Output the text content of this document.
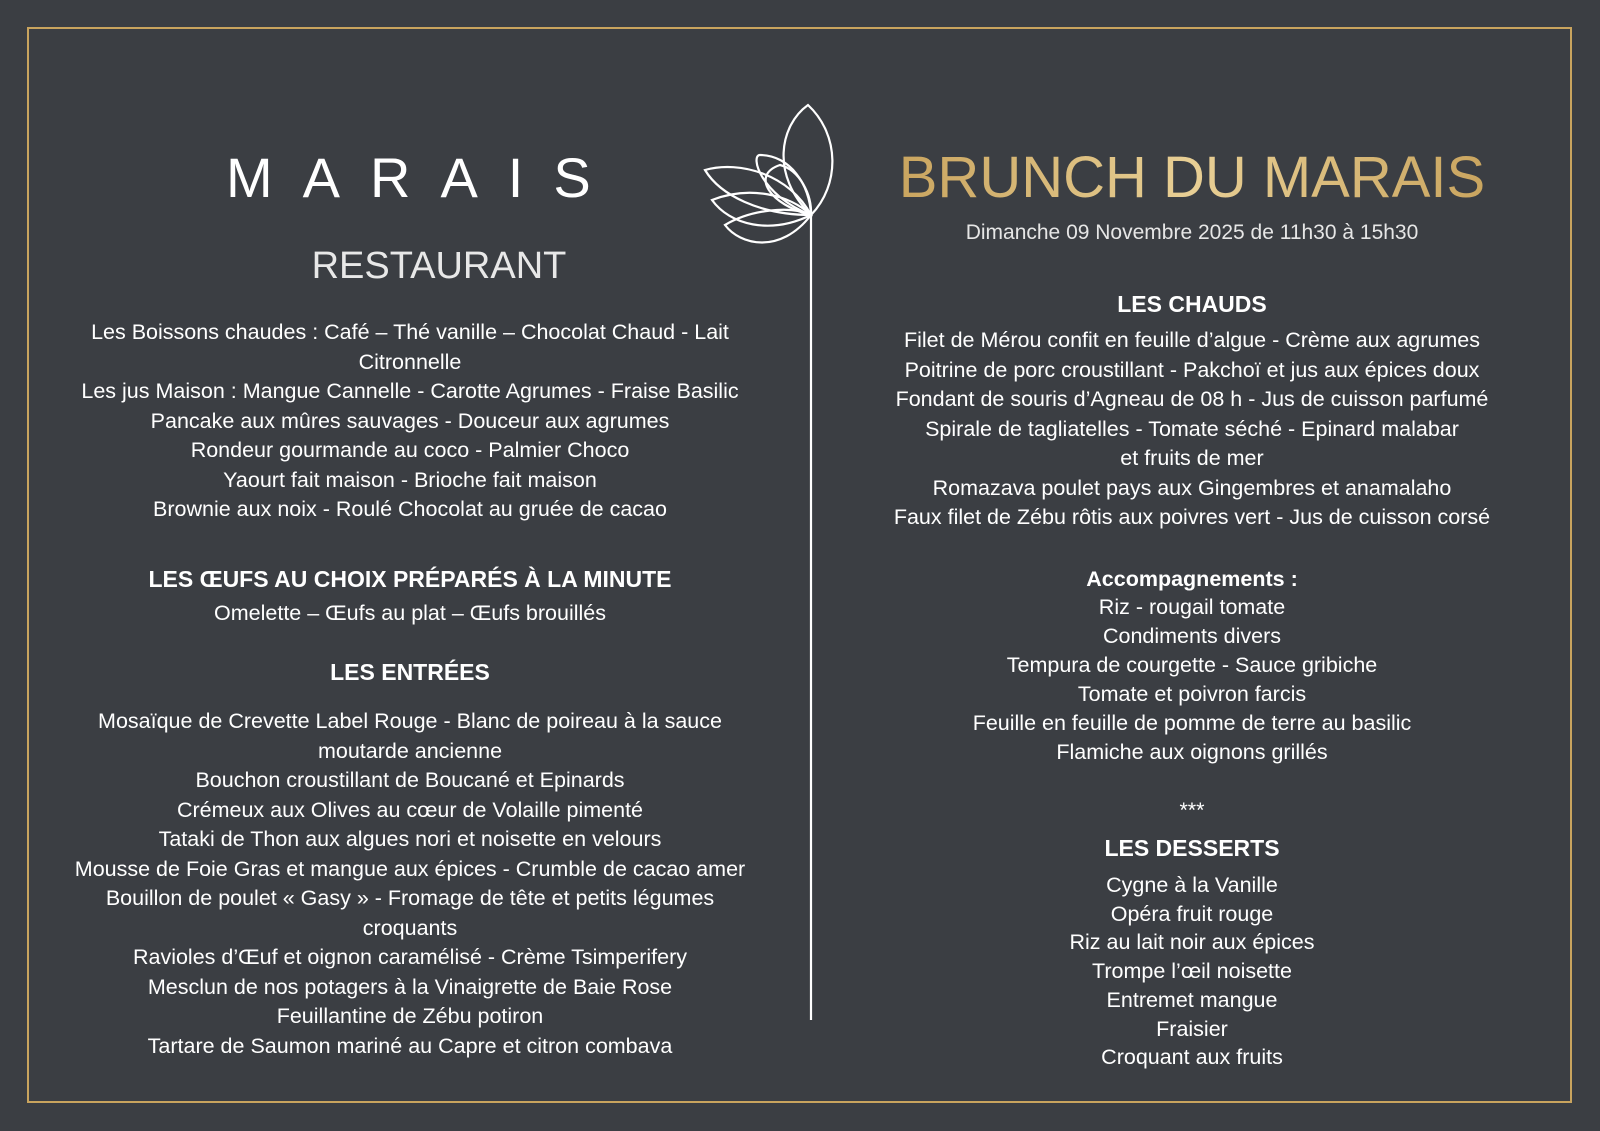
MARAIS
RESTAURANT
BRUNCH DU MARAIS
Dimanche 09 Novembre 2025 de 11h30 à 15h30
Les Boissons chaudes : Café – Thé vanille – Chocolat Chaud - Lait
Citronnelle
Les jus Maison : Mangue Cannelle - Carotte Agrumes - Fraise Basilic
Pancake aux mûres sauvages - Douceur aux agrumes
Rondeur gourmande au coco - Palmier Choco
Yaourt fait maison - Brioche fait maison
Brownie aux noix - Roulé Chocolat au gruée de cacao
LES ŒUFS AU CHOIX PRÉPARÉS À LA MINUTE
Omelette – Œufs au plat – Œufs brouillés
LES ENTRÉES
Mosaïque de Crevette Label Rouge - Blanc de poireau à la sauce
moutarde ancienne
Bouchon croustillant de Boucané et Epinards
Crémeux aux Olives au cœur de Volaille pimenté
Tataki de Thon aux algues nori et noisette en velours
Mousse de Foie Gras et mangue aux épices - Crumble de cacao amer
Bouillon de poulet « Gasy » - Fromage de tête et petits légumes
croquants
Ravioles d’Œuf et oignon caramélisé - Crème Tsimperifery
Mesclun de nos potagers à la Vinaigrette de Baie Rose
Feuillantine de Zébu potiron
Tartare de Saumon mariné au Capre et citron combava
LES CHAUDS
Filet de Mérou confit en feuille d’algue - Crème aux agrumes
Poitrine de porc croustillant - Pakchoï et jus aux épices doux
Fondant de souris d’Agneau de 08 h - Jus de cuisson parfumé
Spirale de tagliatelles - Tomate séché - Epinard malabar
et fruits de mer
Romazava poulet pays aux Gingembres et anamalaho
Faux filet de Zébu rôtis aux poivres vert - Jus de cuisson corsé
Accompagnements :
Riz - rougail tomate
Condiments divers
Tempura de courgette - Sauce gribiche
Tomate et poivron farcis
Feuille en feuille de pomme de terre au basilic
Flamiche aux oignons grillés
***
LES DESSERTS
Cygne à la Vanille
Opéra fruit rouge
Riz au lait noir aux épices
Trompe l’œil noisette
Entremet mangue
Fraisier
Croquant aux fruits
